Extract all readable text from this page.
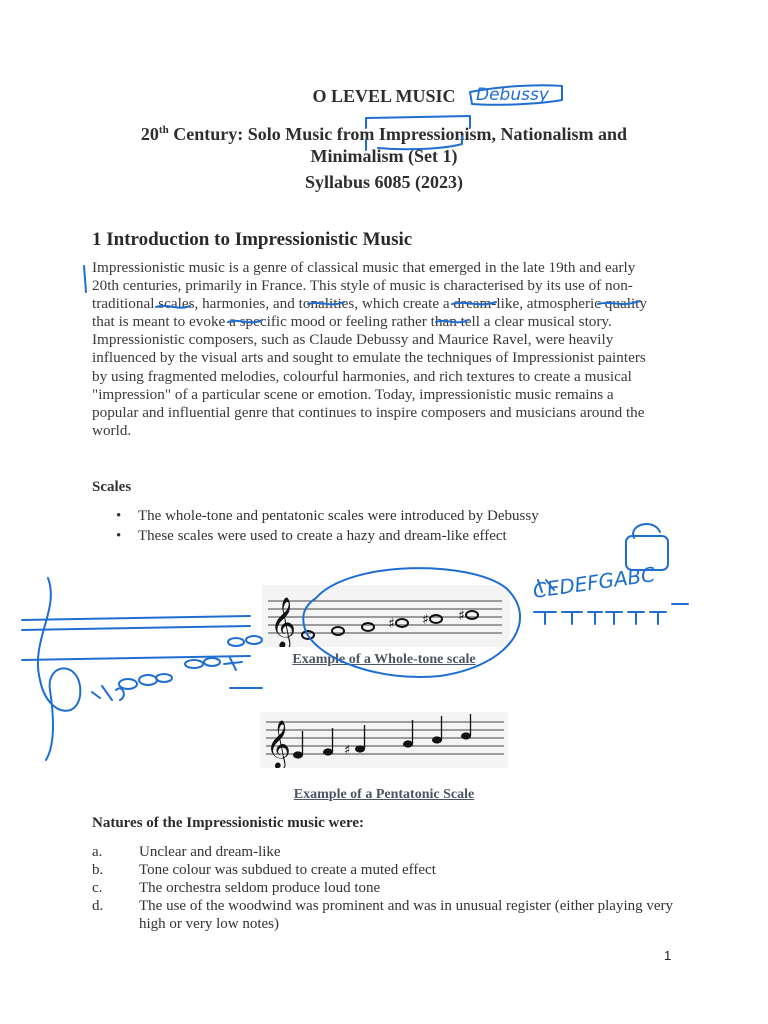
O LEVEL MUSIC

20th Century: Solo Music from Impressionism, Nationalism and
Minimalism (Set 1)

Syllabus 6085 (2023)

1 Introduction to Impressionistic Music

Impressionistic music is a genre of classical music that emerged in the late 19th and early
20th centuries, primarily in France. This style of music is characterised by its use of non-
traditional scales, harmonies, and tonalities, which create a dream-like, atmospheric quality
that is meant to evoke a specific mood or feeling rather than tell a clear musical story.
Impressionistic composers, such as Claude Debussy and Maurice Ravel, were heavily
influenced by the visual arts and sought to emulate the techniques of Impressionist painters
by using fragmented melodies, colourful harmonies, and rich textures to create a musical
"impression" of a particular scene or emotion. Today, impressionistic music remains a
popular and influential genre that continues to inspire composers and musicians around the
world.

Scales
• The whole-tone and pentatonic scales were introduced by Debussy
• These scales were used to create a hazy and dream-like effect
𝄞	♯ ♯ ♯

Example of a Whole-tone scale

𝄞	♯

Example of a Pentatonic Scale

Natures of the Impressionistic music were:
a. Unclear and dream-like
b. Tone colour was subdued to create a muted effect
c. The orchestra seldom produce loud tone
d. The use of the woodwind was prominent and was in unusual register (either playing very high or very low notes)
1
Debussy
CEDEFGABC
